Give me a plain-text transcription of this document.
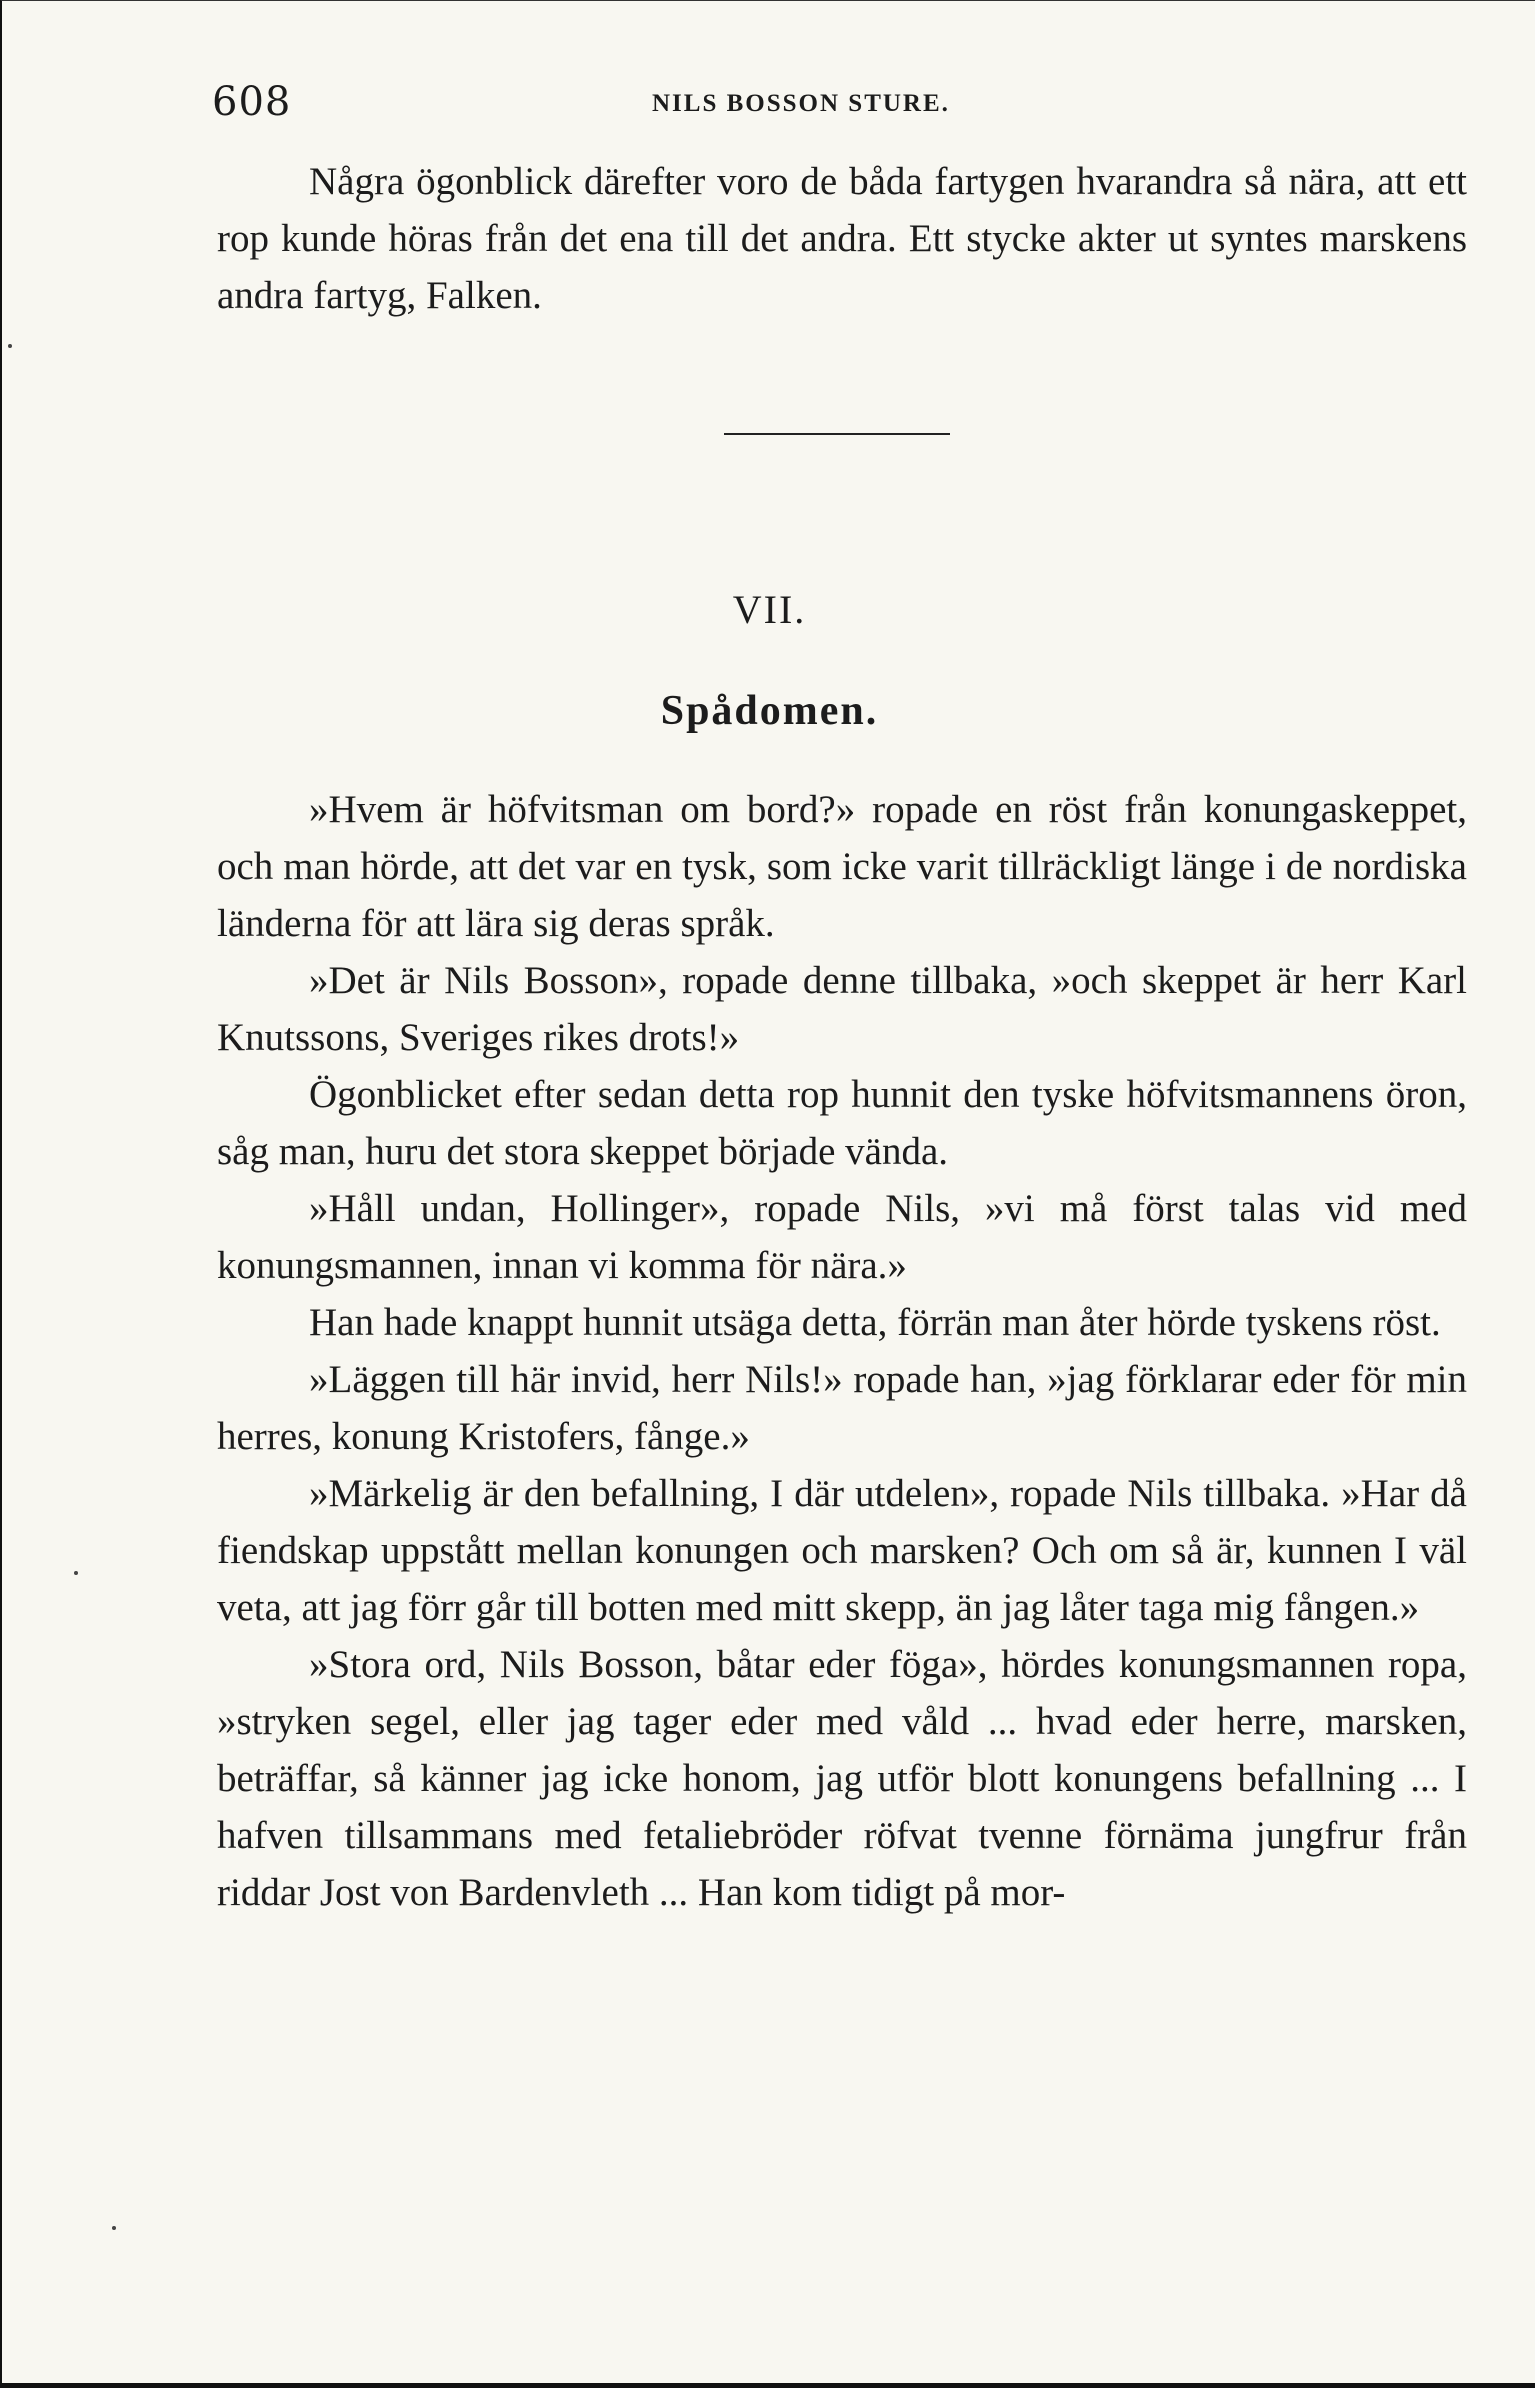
608	NILS BOSSON STURE.

Några ögonblick därefter voro de båda fartygen hvarandra så nära, att ett rop kunde höras från det ena till det andra. Ett stycke akter ut syntes marskens andra fartyg, Falken.

VII.
Spådomen.

»Hvem är höfvitsman om bord?» ropade en röst från konungaskeppet, och man hörde, att det var en tysk, som icke varit tillräckligt länge i de nordiska länderna för att lära sig deras språk.

»Det är Nils Bosson», ropade denne tillbaka, »och skeppet är herr Karl Knutssons, Sveriges rikes drots!»

Ögonblicket efter sedan detta rop hunnit den tyske höfvitsmannens öron, såg man, huru det stora skeppet började vända.

»Håll undan, Hollinger», ropade Nils, »vi må först talas vid med konungsmannen, innan vi komma för nära.»

Han hade knappt hunnit utsäga detta, förrän man åter hörde tyskens röst.

»Läggen till här invid, herr Nils!» ropade han, »jag förklarar eder för min herres, konung Kristofers, fånge.»

»Märkelig är den befallning, I där utdelen», ropade Nils tillbaka. »Har då fiendskap uppstått mellan konungen och marsken? Och om så är, kunnen I väl veta, att jag förr går till botten med mitt skepp, än jag låter taga mig fången.»

»Stora ord, Nils Bosson, båtar eder föga», hördes konungsmannen ropa, »stryken segel, eller jag tager eder med våld ... hvad eder herre, marsken, beträffar, så känner jag icke honom, jag utför blott konungens befallning ... I hafven tillsammans med fetaliebröder röfvat tvenne förnäma jungfrur från riddar Jost von Bardenvleth ... Han kom tidigt på mor-
